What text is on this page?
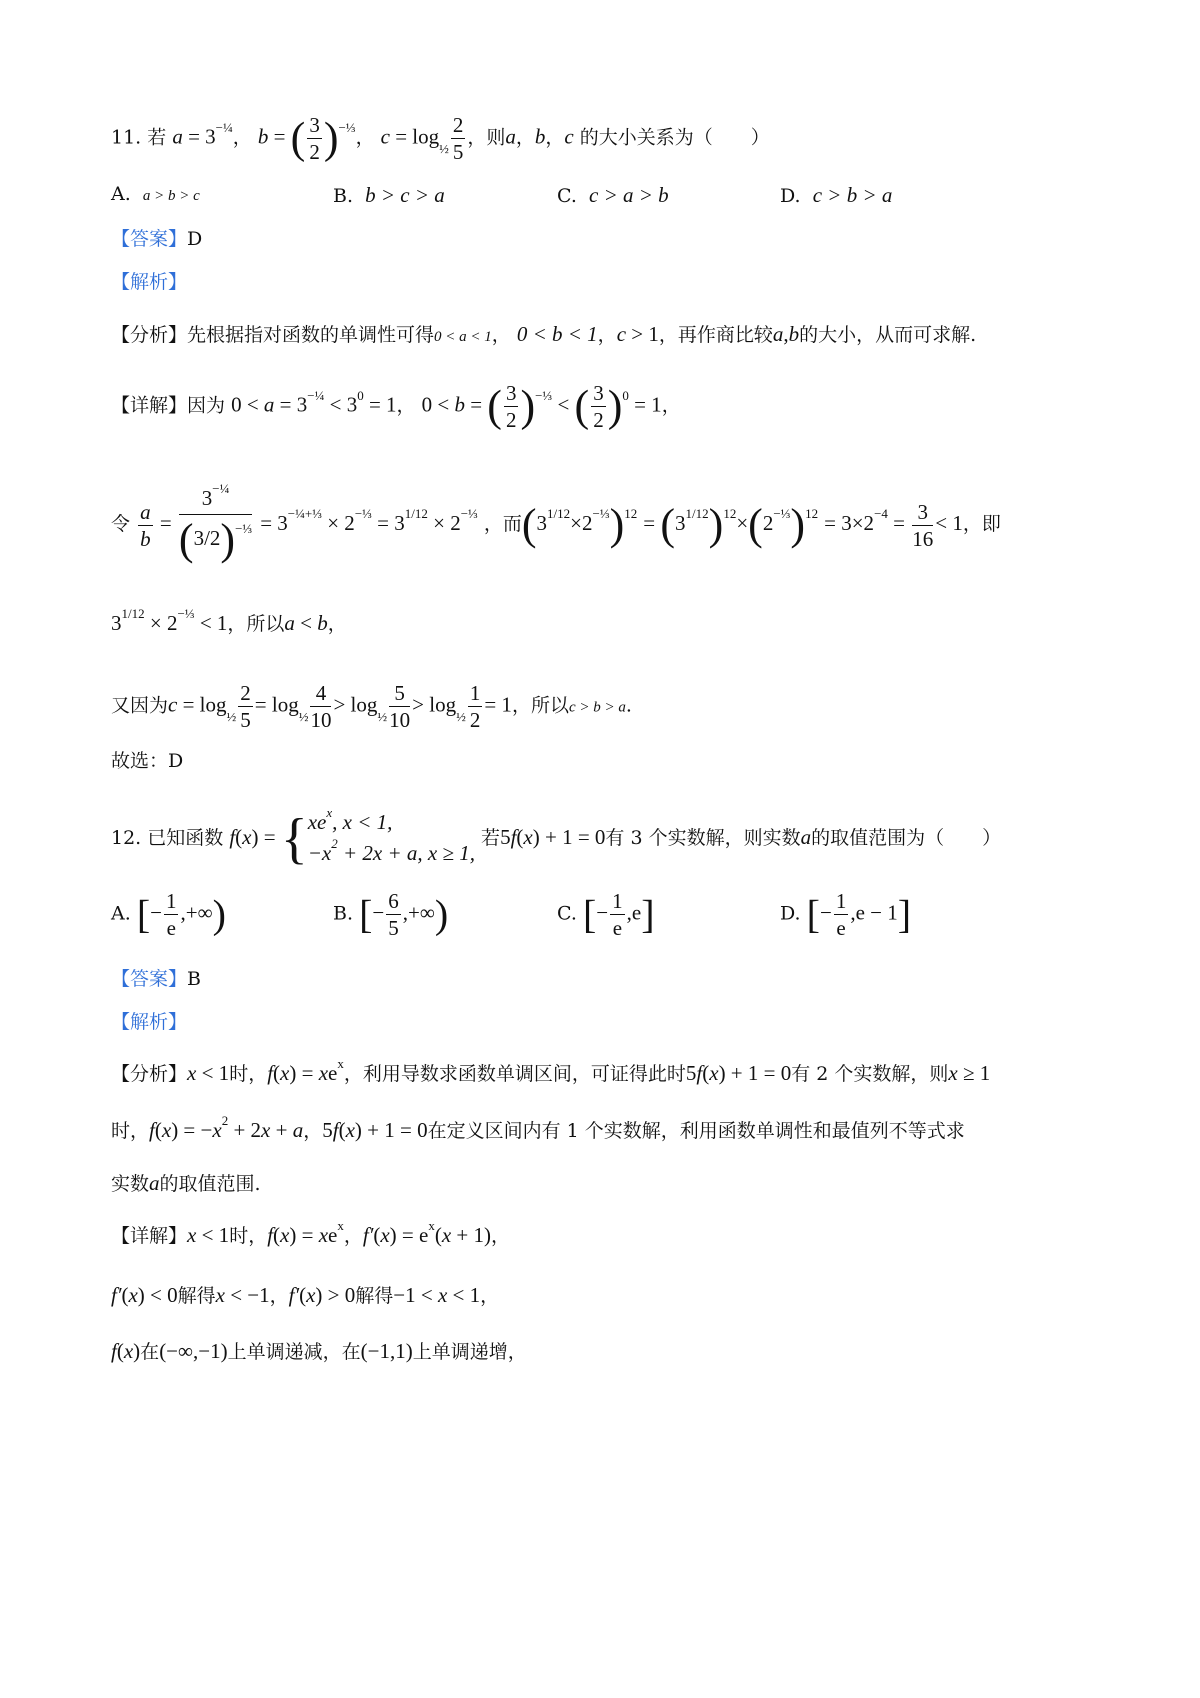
11. 若 $a = 3^{-\frac{1}{4}}$， b = ( $\frac{3}{2} )^{-\frac{1}{3}}$， $c = \log_{\frac{1}{2}} \frac{2}{5}$ ，则a，b，c 的大小关系为（　　）
A. a > b > c	B. b > c > a	C. c > a > b	D. c > b > a
【答案】D
【解析】
【分析】先根据指对函数的单调性可得0 < a < 1， 0 < b < 1，c > 1，再作商比较a,b的大小，从而可求解.
【详解】因为 $0 < a = 3^{-\frac{1}{4}} < 3^0 = 1$， 0 < b = ( $\frac{3}{2} )^{-\frac{1}{3}}$ < ( $\frac{3}{2} )^0 = 1$，
令 $\frac{a}{b} = \frac{3^{-\frac{1}{4}}}{(3/2)^{-\frac{1}{3}}} = 3^{-\frac{1}{4}+\frac{1}{3}} \times 2^{-\frac{1}{3}} = 3^{1/12} \times 2^{-\frac{1}{3}}$ ，而$(3^{1/12}\times 2^{-\frac{1}{3}})^{12} = (3^{1/12})^{12}\times(2^{-\frac{1}{3}})^{12} = 3\times 2^{-4} = \frac{3}{16} < 1$，即
$3^{1/12} \times 2^{-\frac{1}{3}} < 1$，所以a < b，
又因为$c = \log_{\frac{1}{2}} \frac{2}{5} = \log_{\frac{1}{2}} \frac{4}{10} > \log_{\frac{1}{2}} \frac{5}{10} > \log_{\frac{1}{2}} \frac{1}{2} = 1$，所以c > b > a.
故选：D
12. 已知函数 f(x) = { $xe^x$, x < 1,
$-x^2 + 2x + a$, x ≥ 1,
若5f(x) + 1 = 0有 3 个实数解，则实数a的取值范围为（　　）
A. [− $\frac{1}{e}$ ,+∞)	B. [− $\frac{6}{5}$ ,+∞)	C. [− $\frac{1}{e} ,e$]	D. [− $\frac{1}{e} ,e - 1$]
【答案】B
【解析】
【分析】x < 1时，$f(x) = xe^x$，利用导数求函数单调区间，可证得此时5f(x) + 1 = 0有 2 个实数解，则x ≥ 1
时，$f(x) = -x^2 + 2x + a$，5f(x) + 1 = 0在定义区间内有 1 个实数解，利用函数单调性和最值列不等式求
实数a的取值范围.
【详解】x < 1时，$f(x) = xe^x$，$f'(x) = e^x(x + 1)$，
f′(x) < 0解得x < −1，f′(x) > 0解得−1 < x < 1，
f(x)在(−∞,−1)上单调递减，在(−1,1)上单调递增，
